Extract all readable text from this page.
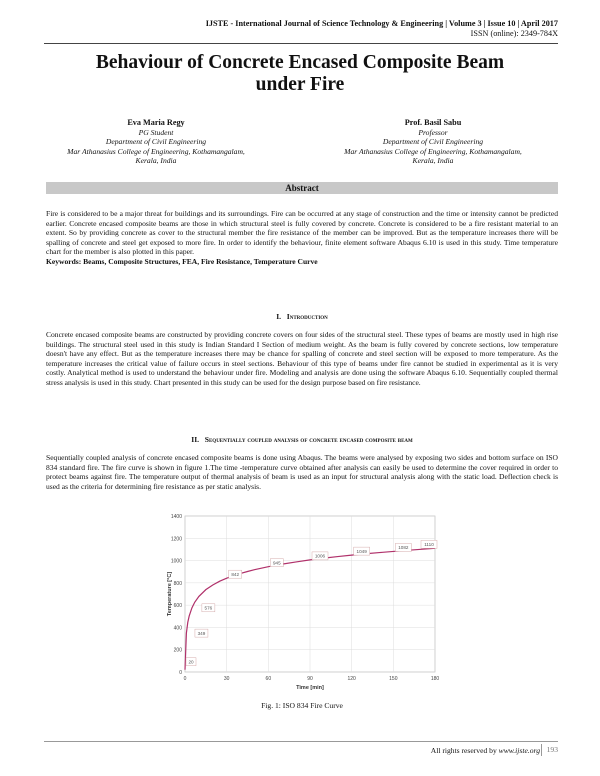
IJSTE - International Journal of Science Technology & Engineering | Volume 3 | Issue 10 | April 2017
ISSN (online): 2349-784X
Behaviour of Concrete Encased Composite Beam
under Fire
Eva Maria Regy
PG Student
Department of Civil Engineering
Mar Athanasius College of Engineering, Kothamangalam,
Kerala, India
Prof. Basil Sabu
Professor
Department of Civil Engineering
Mar Athanasius College of Engineering, Kothamangalam,
Kerala, India
Abstract
Fire is considered to be a major threat for buildings and its surroundings. Fire can be occurred at any stage of construction and the time or intensity cannot be predicted earlier. Concrete encased composite beams are those in which structural steel is fully covered by concrete. Concrete is considered to be a fire resistant material to an extent. So by providing concrete as cover to the structural member the fire resistance of the member can be improved. But as the temperature increases there will be spalling of concrete and steel get exposed to more fire. In order to identify the behaviour, finite element software Abaqus 6.10 is used in this study. Time temperature chart for the member is also plotted in this paper.
Keywords: Beams, Composite Structures, FEA, Fire Resistance, Temperature Curve
I. Introduction
Concrete encased composite beams are constructed by providing concrete covers on four sides of the structural steel. These types of beams are mostly used in high rise buildings. The structural steel used in this study is Indian Standard I Section of medium weight. As the beam is fully covered by concrete sections, low temperature doesn't have any effect. But as the temperature increases there may be chance for spalling of concrete and steel section will be exposed to more temperature. As the temperature increases the critical value of failure occurs in steel sections. Behaviour of this type of beams under fire cannot be studied in experimental as it is very costly. Analytical method is used to understand the behaviour under fire. Modeling and analysis are done using the software Abaqus 6.10. Sequentially coupled thermal stress analysis is used in this study. Chart presented in this study can be used for the design purpose based on fire resistance.
II. Sequentially coupled analysis of concrete encased composite beam
Sequentially coupled analysis of concrete encased composite beams is done using Abaqus. The beams were analysed by exposing two sides and bottom surface on ISO 834 standard fire. The fire curve is shown in figure 1.The time -temperature curve obtained after analysis can easily be used to determine the cover required in order to protect beams against fire. The temperature output of thermal analysis of beam is used as an input for structural analysis along with the static load. Deflection check is used as the criteria for determining fire resistance as per static analysis.
0
200
400
600
800
1000
1200
1400
0	30	60	90	120	150	180
Time [min]
Temperature [°C]
20
349
576
842
945
1006
1049
1082
1110
Fig. 1: ISO 834 Fire Curve
All rights reserved by www.ijste.org 193
